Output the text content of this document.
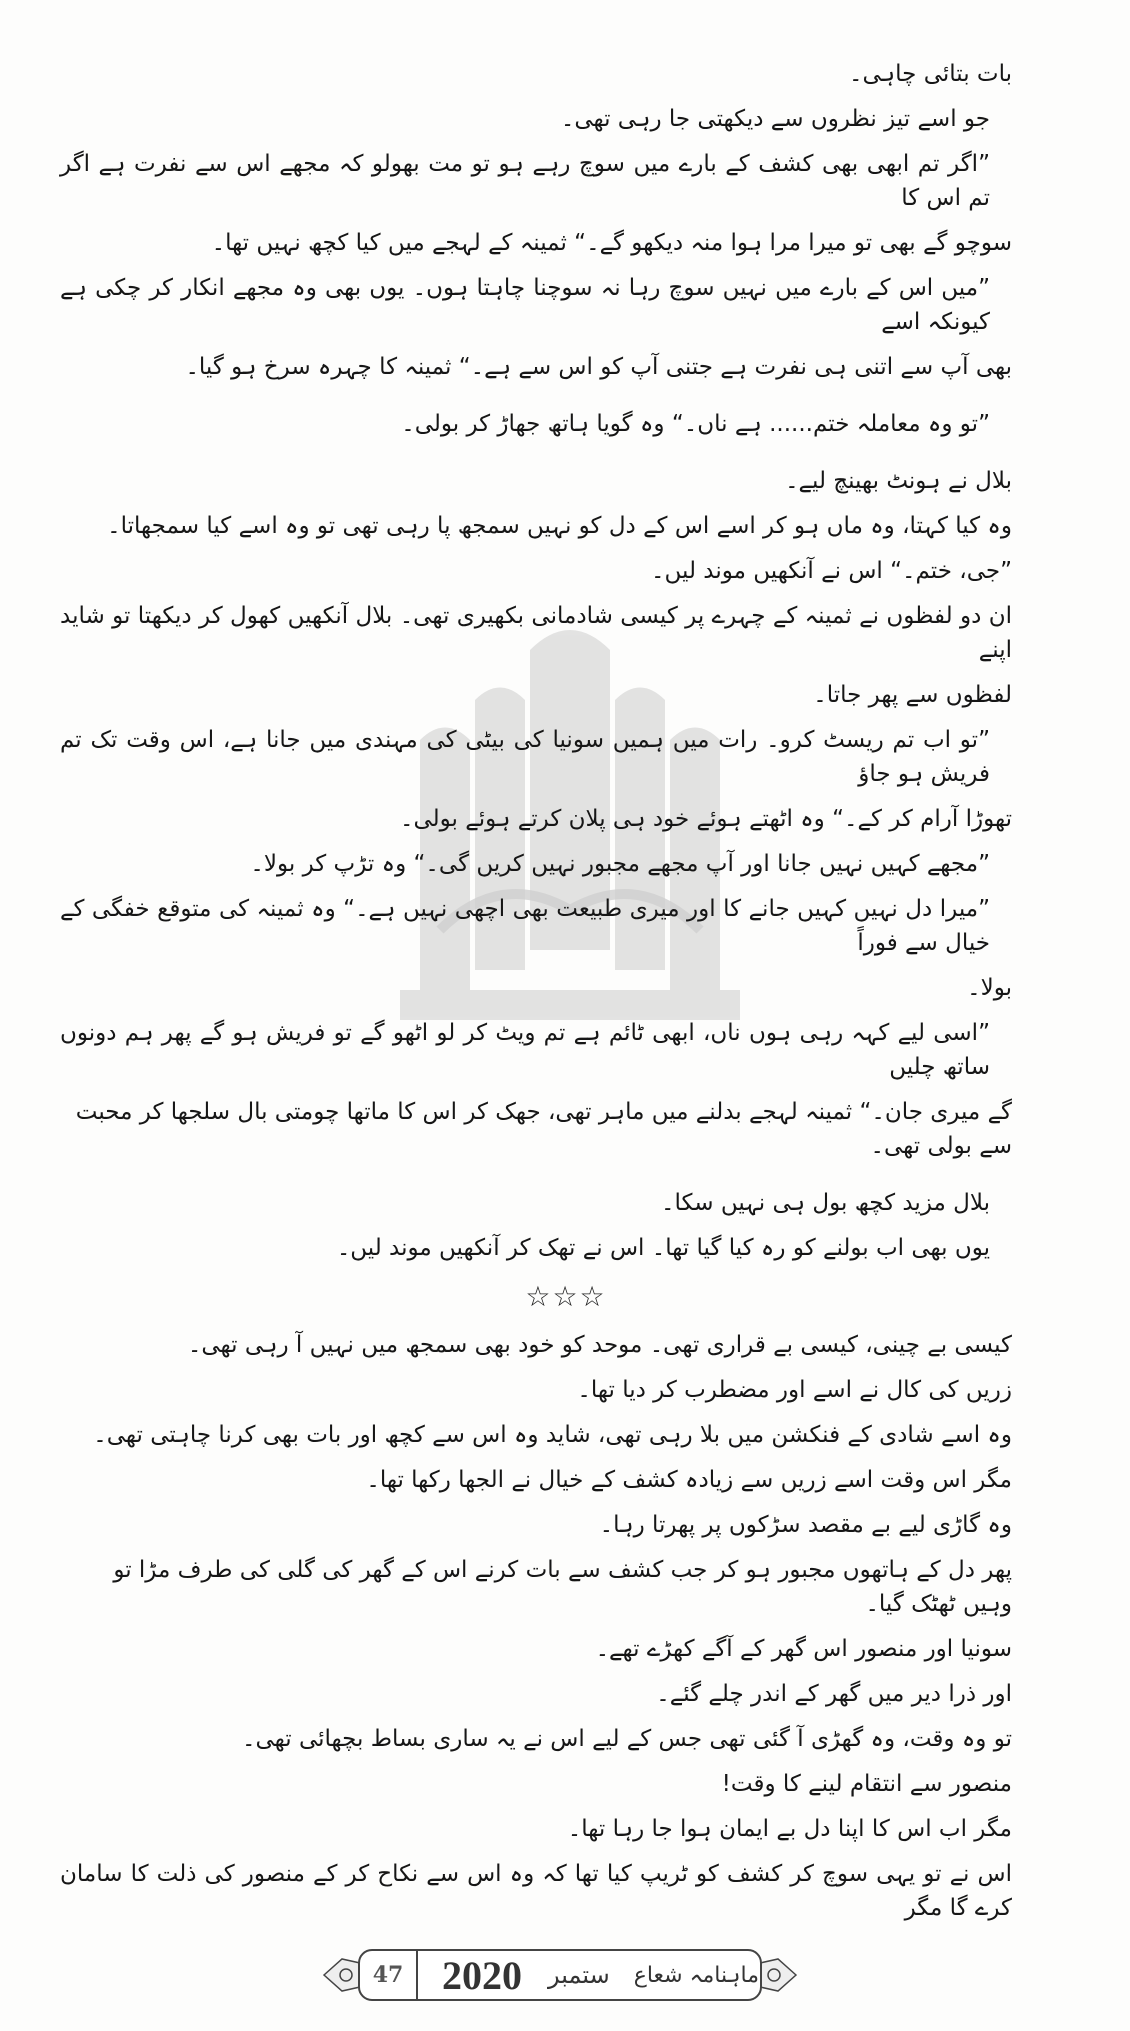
بات بتائی چاہی۔
جو اسے تیز نظروں سے دیکھتی جا رہی تھی۔
”اگر تم ابھی بھی کشف کے بارے میں سوچ رہے ہو تو مت بھولو کہ مجھے اس سے نفرت ہے اگر تم اس کا
سوچو گے بھی تو میرا مرا ہوا منہ دیکھو گے۔“ ثمینہ کے لہجے میں کیا کچھ نہیں تھا۔
”میں اس کے بارے میں نہیں سوچ رہا نہ سوچنا چاہتا ہوں۔ یوں بھی وہ مجھے انکار کر چکی ہے کیونکہ اسے
بھی آپ سے اتنی ہی نفرت ہے جتنی آپ کو اس سے ہے۔“ ثمینہ کا چہرہ سرخ ہو گیا۔
”تو وہ معاملہ ختم...... ہے ناں۔“ وہ گویا ہاتھ جھاڑ کر بولی۔
بلال نے ہونٹ بھینچ لیے۔
وہ کیا کہتا، وہ ماں ہو کر اسے اس کے دل کو نہیں سمجھ پا رہی تھی تو وہ اسے کیا سمجھاتا۔
”جی، ختم۔“ اس نے آنکھیں موند لیں۔
ان دو لفظوں نے ثمینہ کے چہرے پر کیسی شادمانی بکھیری تھی۔ بلال آنکھیں کھول کر دیکھتا تو شاید اپنے
لفظوں سے پھر جاتا۔
”تو اب تم ریسٹ کرو۔ رات میں ہمیں سونیا کی بیٹی کی مہندی میں جانا ہے، اس وقت تک تم فریش ہو جاؤ
تھوڑا آرام کر کے۔“ وہ اٹھتے ہوئے خود ہی پلان کرتے ہوئے بولی۔
”مجھے کہیں نہیں جانا اور آپ مجھے مجبور نہیں کریں گی۔“ وہ تڑپ کر بولا۔
”میرا دل نہیں کہیں جانے کا اور میری طبیعت بھی اچھی نہیں ہے۔“ وہ ثمینہ کی متوقع خفگی کے خیال سے فوراً
بولا۔
”اسی لیے کہہ رہی ہوں ناں، ابھی ٹائم ہے تم ویٹ کر لو اٹھو گے تو فریش ہو گے پھر ہم دونوں ساتھ چلیں
گے میری جان۔“ ثمینہ لہجے بدلنے میں ماہر تھی، جھک کر اس کا ماتھا چومتی بال سلجھا کر محبت سے بولی تھی۔
بلال مزید کچھ بول ہی نہیں سکا۔
یوں بھی اب بولنے کو رہ کیا گیا تھا۔ اس نے تھک کر آنکھیں موند لیں۔
☆☆☆
کیسی بے چینی، کیسی بے قراری تھی۔ موحد کو خود بھی سمجھ میں نہیں آ رہی تھی۔
زریں کی کال نے اسے اور مضطرب کر دیا تھا۔
وہ اسے شادی کے فنکشن میں بلا رہی تھی، شاید وہ اس سے کچھ اور بات بھی کرنا چاہتی تھی۔
مگر اس وقت اسے زریں سے زیادہ کشف کے خیال نے الجھا رکھا تھا۔
وہ گاڑی لیے بے مقصد سڑکوں پر پھرتا رہا۔
پھر دل کے ہاتھوں مجبور ہو کر جب کشف سے بات کرنے اس کے گھر کی گلی کی طرف مڑا تو وہیں ٹھٹک گیا۔
سونیا اور منصور اس گھر کے آگے کھڑے تھے۔
اور ذرا دیر میں گھر کے اندر چلے گئے۔
تو وہ وقت، وہ گھڑی آ گئی تھی جس کے لیے اس نے یہ ساری بساط بچھائی تھی۔
منصور سے انتقام لینے کا وقت!
مگر اب اس کا اپنا دل بے ایمان ہوا جا رہا تھا۔
اس نے تو یہی سوچ کر کشف کو ٹریپ کیا تھا کہ وہ اس سے نکاح کر کے منصور کی ذلت کا سامان کرے گا مگر
47 2020 ستمبر ماہنامہ شعاع
